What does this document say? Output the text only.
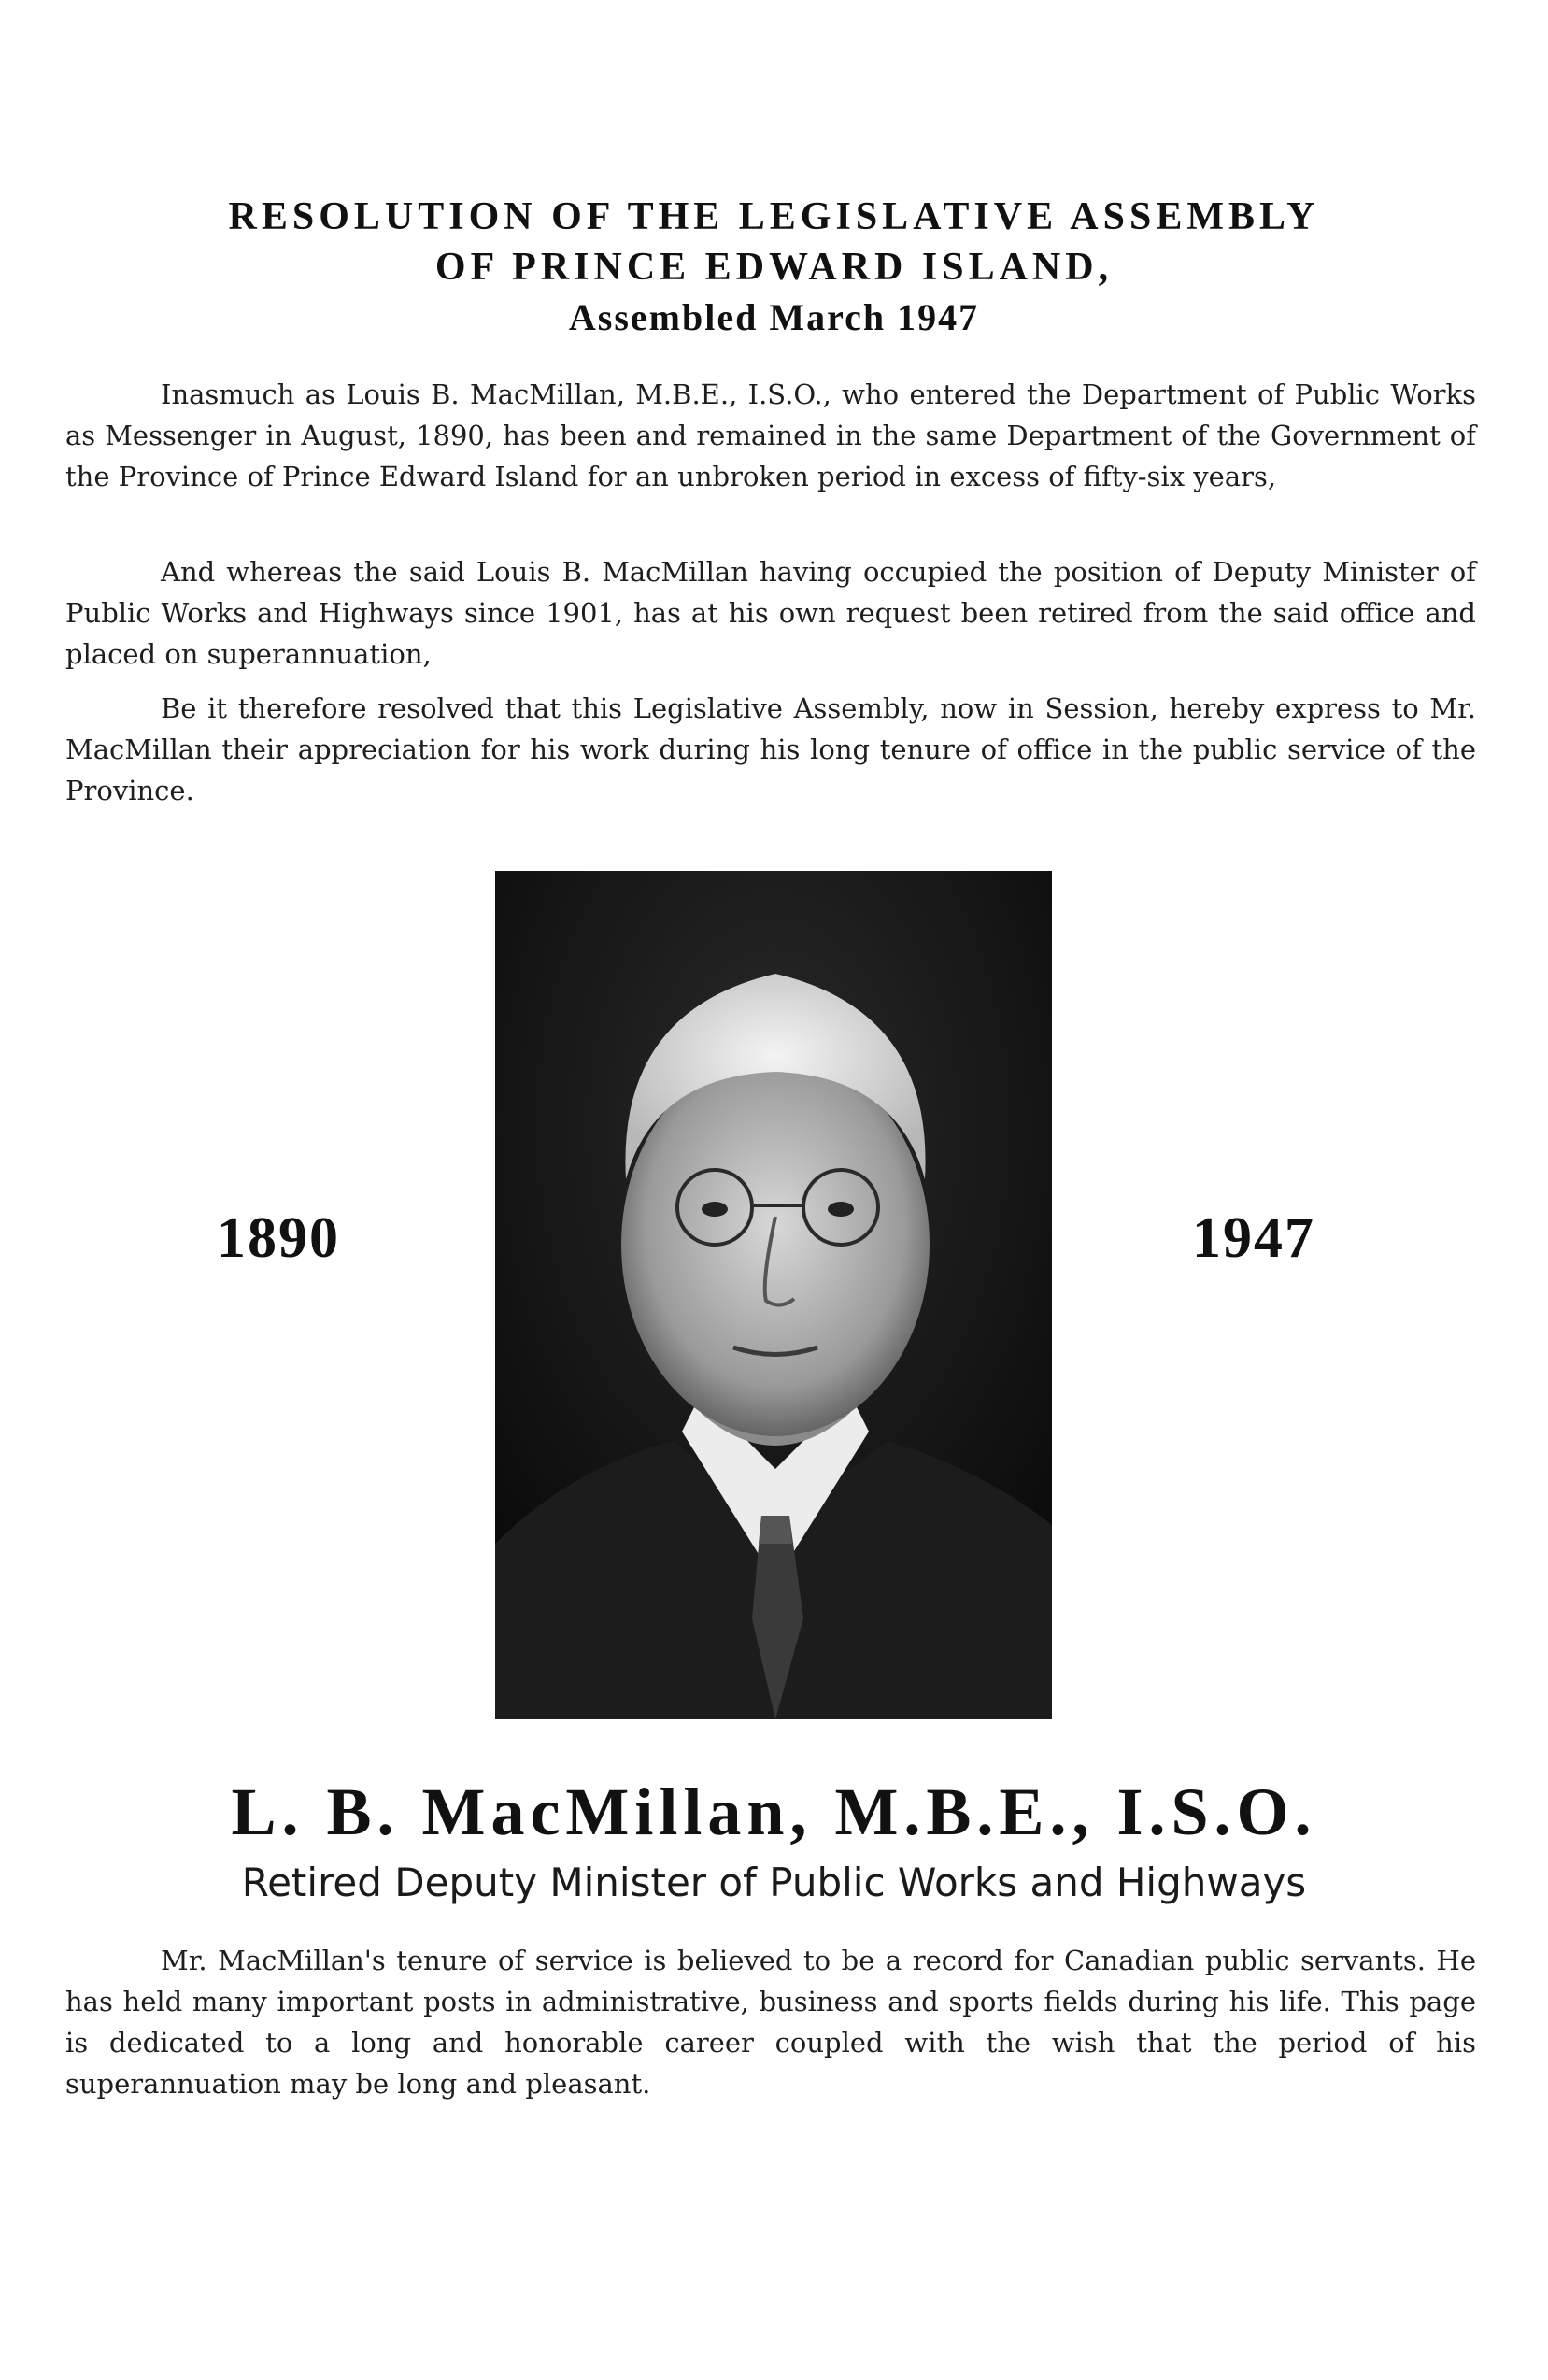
RESOLUTION OF THE LEGISLATIVE ASSEMBLY
OF PRINCE EDWARD ISLAND,
Assembled March 1947

Inasmuch as Louis B. MacMillan, M.B.E., I.S.O., who entered the Department of Public Works as Messenger in August, 1890, has been and remained in the same Department of the Government of the Province of Prince Edward Island for an unbroken period in excess of fifty-six years,

And whereas the said Louis B. MacMillan having occupied the position of Deputy Minister of Public Works and Highways since 1901, has at his own request been retired from the said office and placed on superannuation,

Be it therefore resolved that this Legislative Assembly, now in Session, hereby express to Mr. MacMillan their appreciation for his work during his long tenure of office in the public service of the Province.

1890	1947
L. B. MacMillan, M.B.E., I.S.O.
Retired Deputy Minister of Public Works and Highways

Mr. MacMillan's tenure of service is believed to be a record for Canadian public servants. He has held many important posts in administrative, business and sports fields during his life. This page is dedicated to a long and honorable career coupled with the wish that the period of his superannuation may be long and pleasant.
